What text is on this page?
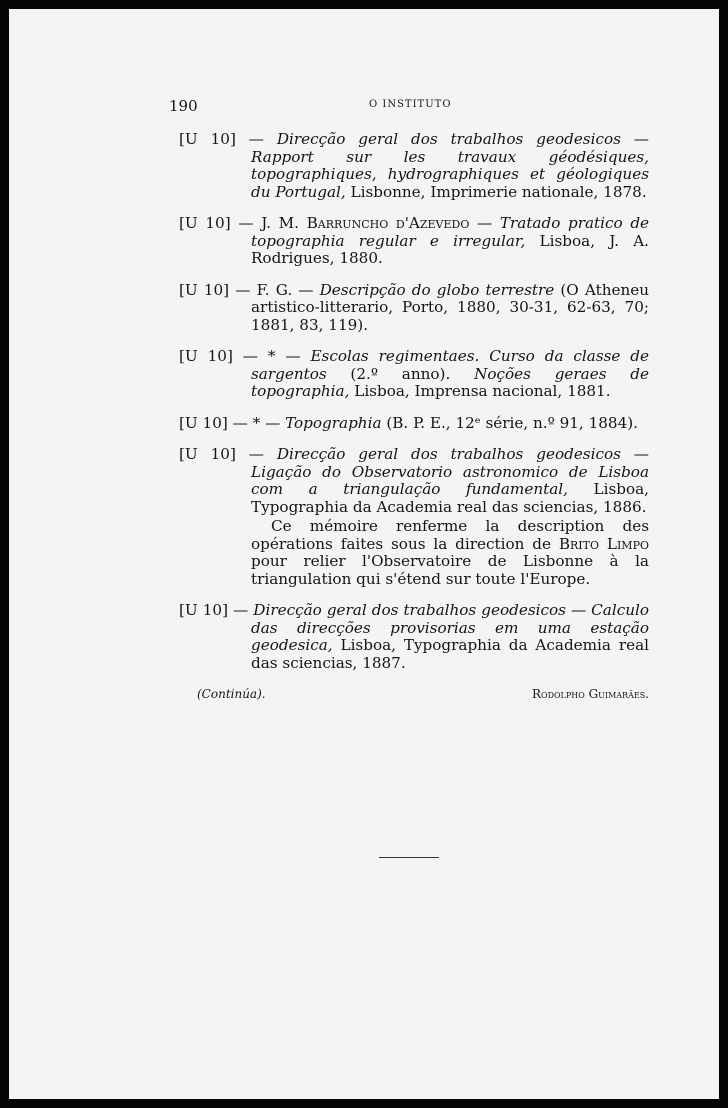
190	O INSTITUTO
[U 10] — Direcção geral dos trabalhos geodesicos — Rapport sur les travaux géodésiques, topographiques, hydrographiques et géologiques du Portugal, Lisbonne, Imprimerie nationale, 1878.
[U 10] — J. M. Barruncho d'Azevedo — Tratado pratico de topographia regular e irregular, Lisboa, J. A. Rodrigues, 1880.
[U 10] — F. G. — Descripção do globo terrestre (O Atheneu artistico-litterario, Porto, 1880, 30-31, 62-63, 70; 1881, 83, 119).
[U 10] — * — Escolas regimentaes. Curso da classe de sargentos (2.º anno). Noções geraes de topographia, Lisboa, Imprensa nacional, 1881.
[U 10] — * — Topographia (B. P. E., 12ᵉ série, n.º 91, 1884).
[U 10] — Direcção geral dos trabalhos geodesicos — Ligação do Observatorio astronomico de Lisboa com a triangulação fundamental, Lisboa, Typographia da Academia real das sciencias, 1886.
Ce mémoire renferme la description des opérations faites sous la direction de Brito Limpo pour relier l'Observatoire de Lisbonne à la triangulation qui s'étend sur toute l'Europe.
[U 10] — Direcção geral dos trabalhos geodesicos — Calculo das direcções provisorias em uma estação geodesica, Lisboa, Typographia da Academia real das sciencias, 1887.
(Continúa).	Rodolpho Guimarães.
